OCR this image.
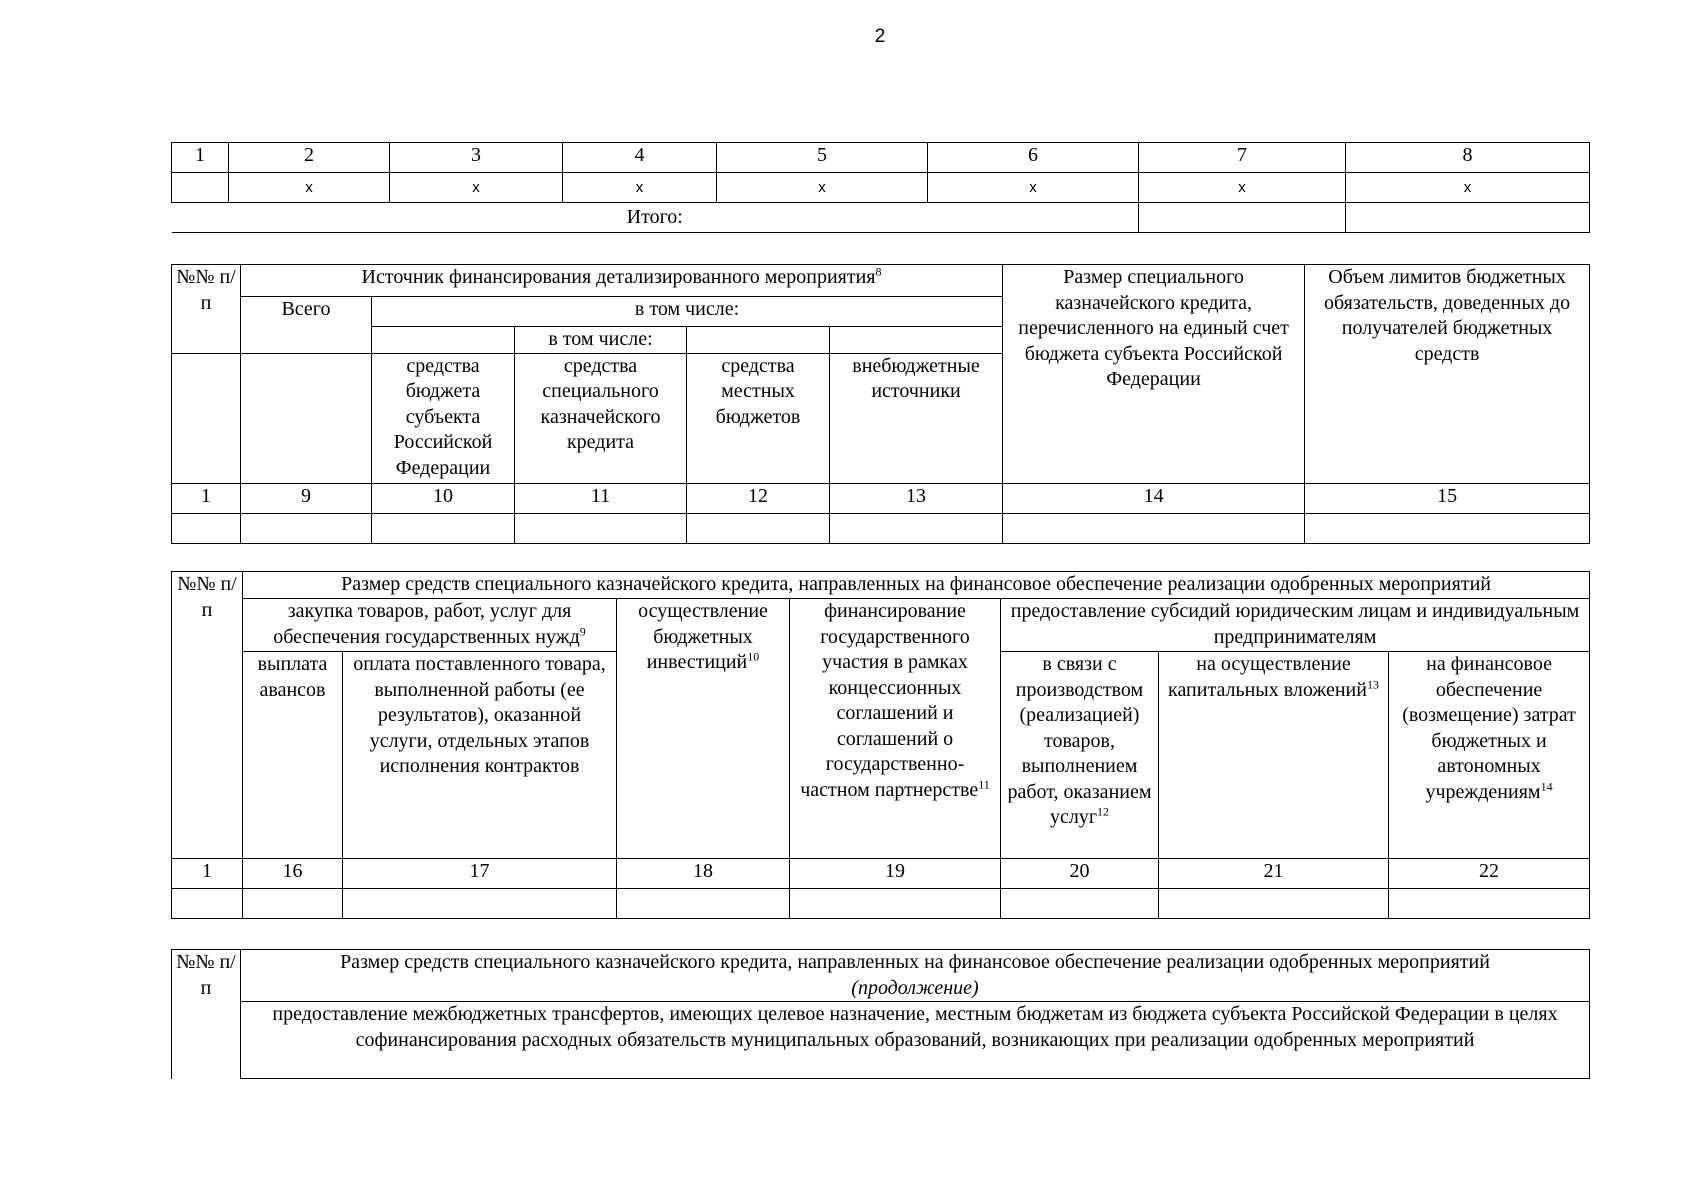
2
1	2	3	4	5	6	7	8
	x	x	x	x	x	x	x
Итого:							
№№ п/п	Источник финансирования детализированного мероприятия$^8$					Размер специального казначейского кредита, перечисленного на единый счет бюджета субъекта Российской Федерации	Объем лимитов бюджетных обязательств, доведенных до получателей бюджетных средств
	Всего	в том числе:					
			в том числе:				
		средства бюджета субъекта Российской Федерации	средства специального казначейского кредита	средства местных бюджетов	внебюджетные источники		
1	9	10	11	12	13	14	15

№№ п/п	Размер средств специального казначейского кредита, направленных на финансовое обеспечение реализации одобренных мероприятий						
	закупка товаров, работ, услуг для обеспечения государственных нужд$^9$		осуществление бюджетных инвестиций$^{10}$	финансирование государственного участия в рамках концессионных соглашений и соглашений о государственно-частном партнерстве$^{11}$	предоставление субсидий юридическим лицам и индивидуальным предпринимателям		
	выплата авансов	оплата поставленного товара, выполненной работы (ее результатов), оказанной услуги, отдельных этапов исполнения контрактов			в связи с производством (реализацией) товаров, выполнением работ, оказанием услуг$^{12}$	на осуществление капитальных вложений$^{13}$	на финансовое обеспечение (возмещение) затрат бюджетных и автономных учреждениям$^{14}$
1	16	17	18	19	20	21	22

№№ п/п	Размер средств специального казначейского кредита, направленных на финансовое обеспечение реализации одобренных мероприятий
(продолжение)
предоставление межбюджетных трансфертов, имеющих целевое назначение, местным бюджетам из бюджета субъекта Российской Федерации в целях софинансирования расходных обязательств муниципальных образований, возникающих при реализации одобренных мероприятий
